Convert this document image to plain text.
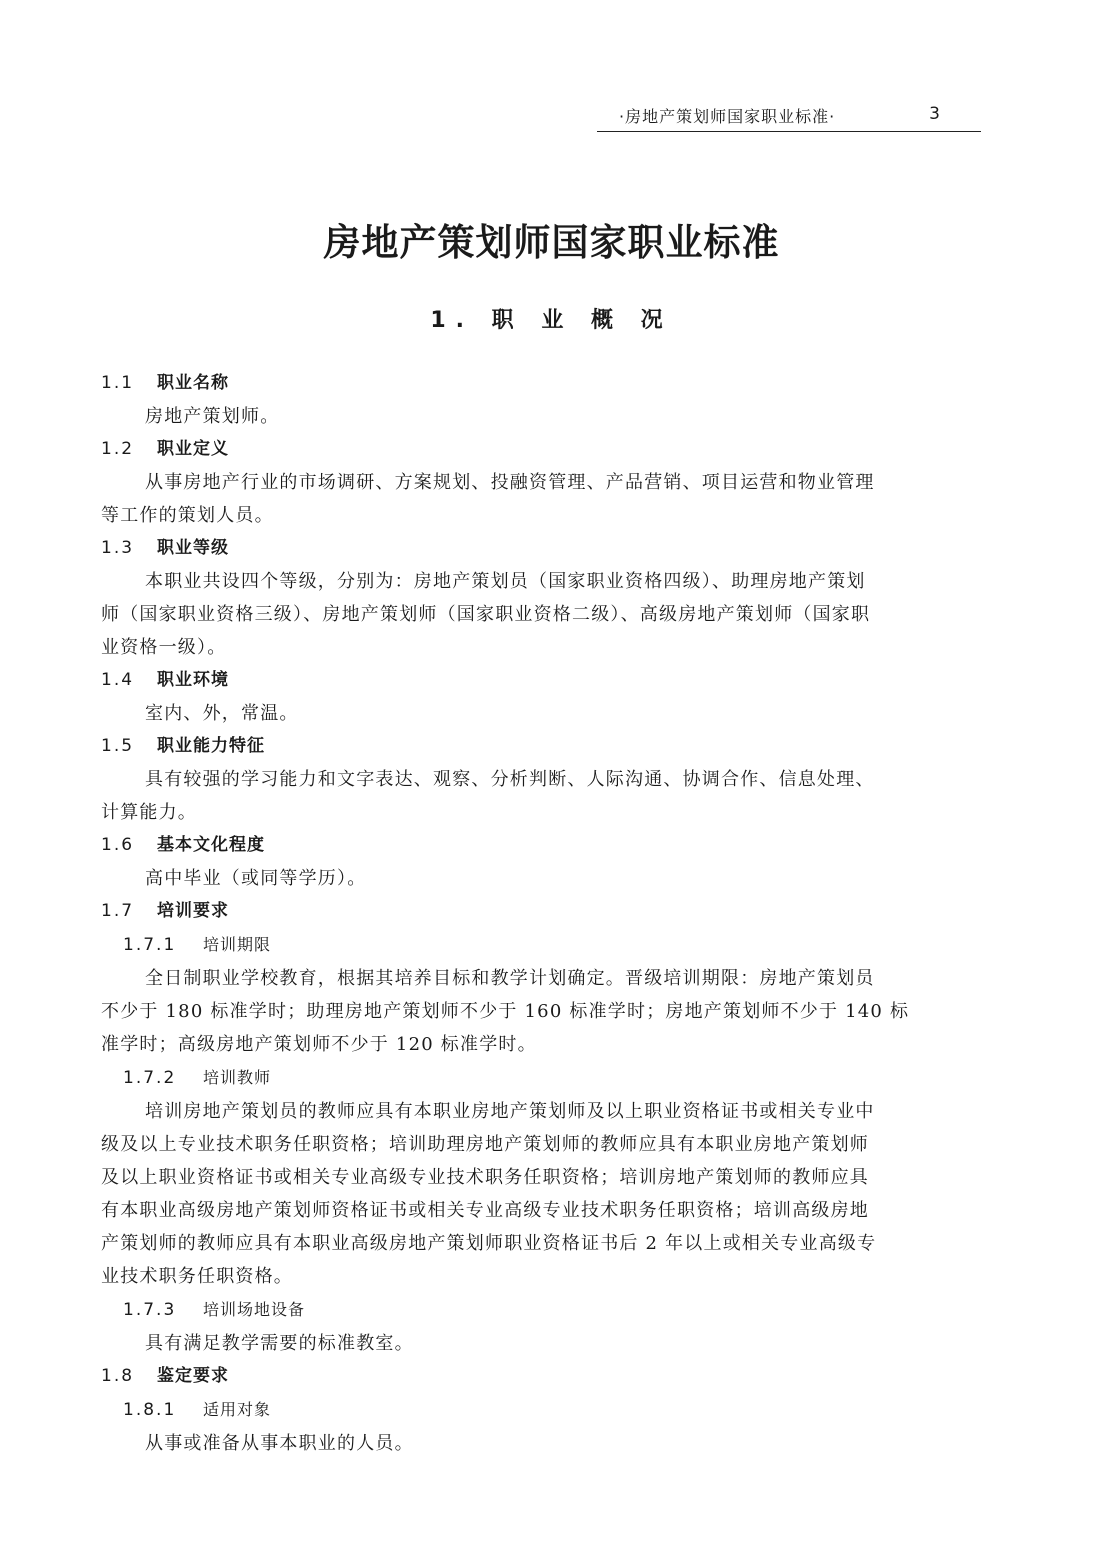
·房地产策划师国家职业标准·	3
房地产策划师国家职业标准
1. 职 业 概 况
1.1 职业名称
房地产策划师。
1.2 职业定义
从事房地产行业的市场调研、方案规划、投融资管理、产品营销、项目运营和物业管理
等工作的策划人员。
1.3 职业等级
本职业共设四个等级，分别为：房地产策划员（国家职业资格四级）、助理房地产策划
师（国家职业资格三级）、房地产策划师（国家职业资格二级）、高级房地产策划师（国家职
业资格一级）。
1.4 职业环境
室内、外，常温。
1.5 职业能力特征
具有较强的学习能力和文字表达、观察、分析判断、人际沟通、协调合作、信息处理、
计算能力。
1.6 基本文化程度
高中毕业（或同等学历）。
1.7 培训要求
1.7.1 培训期限
全日制职业学校教育，根据其培养目标和教学计划确定。晋级培训期限：房地产策划员
不少于 180 标准学时；助理房地产策划师不少于 160 标准学时；房地产策划师不少于 140 标
准学时；高级房地产策划师不少于 120 标准学时。
1.7.2 培训教师
培训房地产策划员的教师应具有本职业房地产策划师及以上职业资格证书或相关专业中
级及以上专业技术职务任职资格；培训助理房地产策划师的教师应具有本职业房地产策划师
及以上职业资格证书或相关专业高级专业技术职务任职资格；培训房地产策划师的教师应具
有本职业高级房地产策划师资格证书或相关专业高级专业技术职务任职资格；培训高级房地
产策划师的教师应具有本职业高级房地产策划师职业资格证书后 2 年以上或相关专业高级专
业技术职务任职资格。
1.7.3 培训场地设备
具有满足教学需要的标准教室。
1.8 鉴定要求
1.8.1 适用对象
从事或准备从事本职业的人员。
